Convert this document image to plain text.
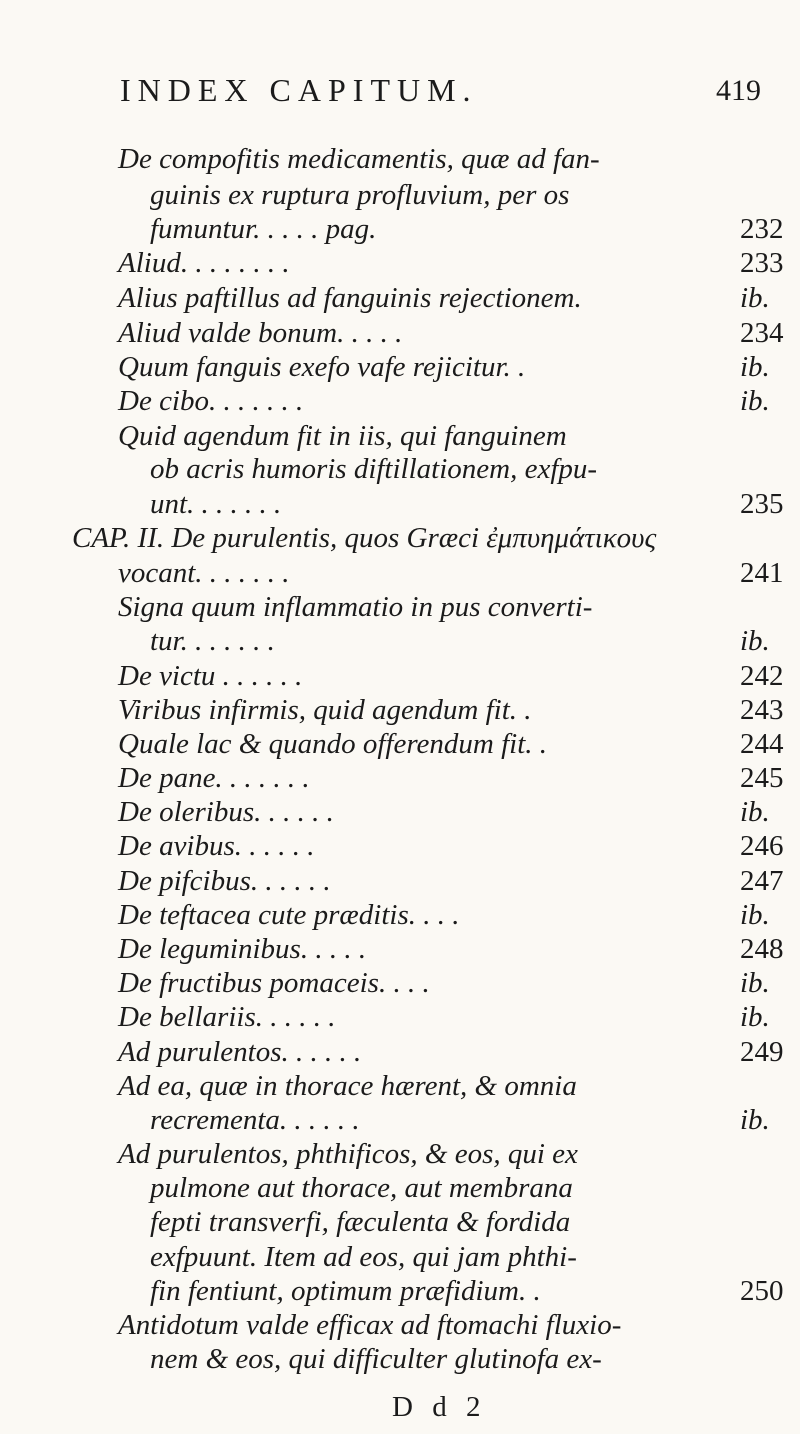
INDEX CAPITUM.	419
De compofitis medicamentis, quæ ad fan-
guinis ex ruptura profluvium, per os
fumuntur. . . . . pag.	232
Aliud. . . . . . . .	233
Alius paftillus ad fanguinis rejectionem.	ib.
Aliud valde bonum. . . . .	234
Quum fanguis exefo vafe rejicitur. .	ib.
De cibo. . . . . . .	ib.
Quid agendum fit in iis, qui fanguinem
ob acris humoris diftillationem, exfpu-
unt. . . . . . .	235
CAP. II. De purulentis, quos Græci ἐμπυημάτικους
vocant. . . . . . .	241
Signa quum inflammatio in pus converti-
tur. . . . . . .	ib.
De victu . . . . . .	242
Viribus infirmis, quid agendum fit. .	243
Quale lac & quando offerendum fit. .	244
De pane. . . . . . .	245
De oleribus. . . . . .	ib.
De avibus. . . . . .	246
De pifcibus. . . . . .	247
De teftacea cute præditis. . . .	ib.
De leguminibus. . . . .	248
De fructibus pomaceis. . . .	ib.
De bellariis. . . . . .	ib.
Ad purulentos. . . . . .	249
Ad ea, quæ in thorace hærent, & omnia
recrementa. . . . . .	ib.
Ad purulentos, phthificos, & eos, qui ex
pulmone aut thorace, aut membrana
fepti transverfi, fæculenta & fordida
exfpuunt. Item ad eos, qui jam phthi-
fin fentiunt, optimum præfidium. .	250
Antidotum valde efficax ad ftomachi fluxio-
nem & eos, qui difficulter glutinofa ex-
D d 2
